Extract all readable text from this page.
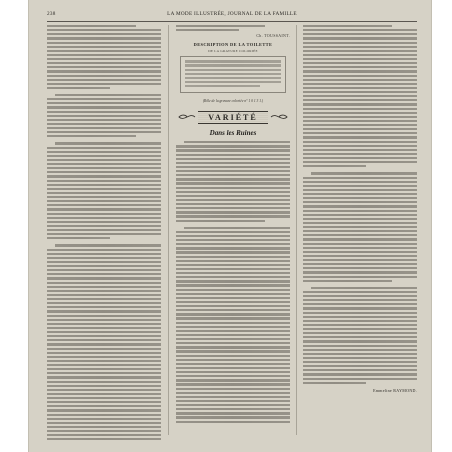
238	LA MODE ILLUSTRÉE, JOURNAL DE LA FAMILLE
Ch. TOUSSAINT.
DESCRIPTION DE LA TOILETTE
DE LA GRAVURE COLORIÉE
(Rôle de la gravure coloriée n° 1 0 1 3 1.)
VARIÉTÉ
Dans les Ruines
Emmeline RAYMOND.
